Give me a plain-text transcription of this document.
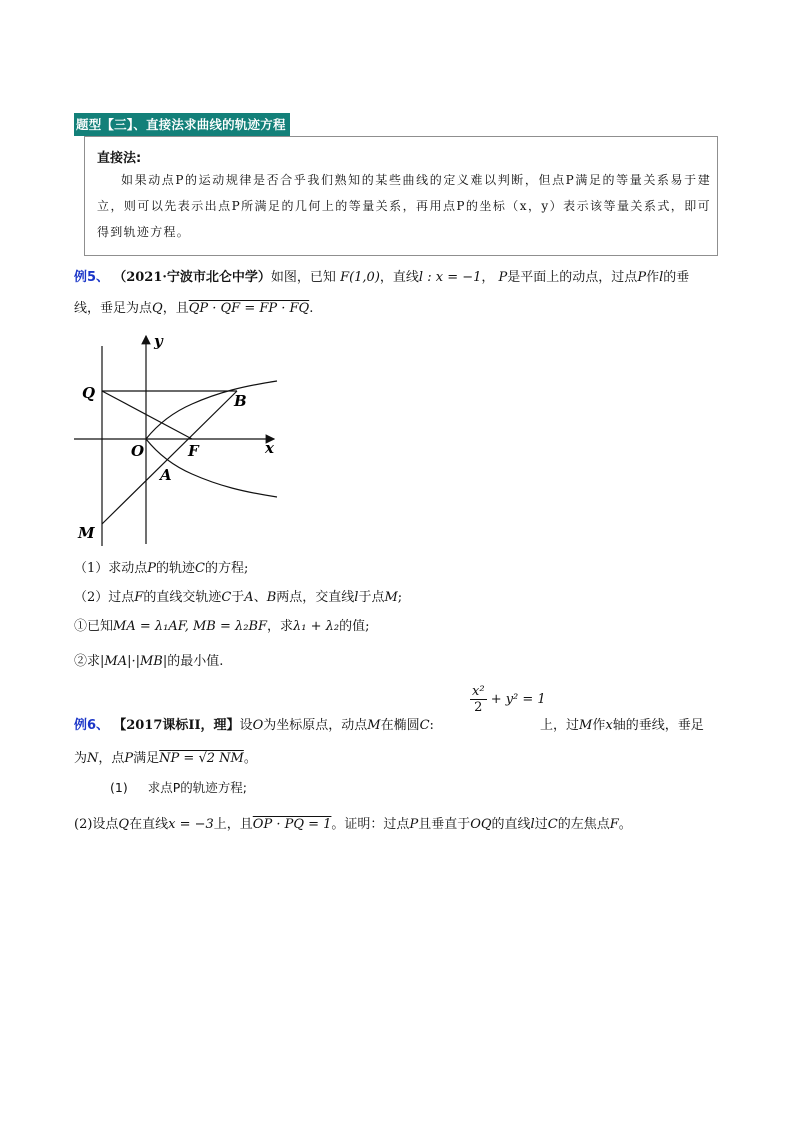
题型【三】、直接法求曲线的轨迹方程
直接法:
如果动点P的运动规律是否合乎我们熟知的某些曲线的定义难以判断，但点P满足的等量关系易于建立，则可以先表示出点P所满足的几何上的等量关系，再用点P的坐标（x，y）表示该等量关系式，即可得到轨迹方程。
例5、 （2021·宁波市北仑中学）如图，已知 F(1,0)，直线l : x = −1， P是平面上的动点，过点P作l的垂
线，垂足为点Q，且QP · QF = FP · FQ.
y
x
Q	B
O	F
A
M
（1）求动点P的轨迹C的方程;
（2）过点F的直线交轨迹C于A、B两点，交直线l于点M;
①已知MA = λ₁AF, MB = λ₂BF，求λ₁ + λ₂的值;
②求|MA|·|MB|的最小值.
例6、 【2017课标II，理】设O为坐标原点，动点M在椭圆C:
$\frac{\text{x²}}{2} + y^2 = 1$
上，过M作x轴的垂线，垂足
为N，点P满足NP = √2 NM。
(1) 求点P的轨迹方程;
(2)设点Q在直线x = −3上，且OP · PQ = 1。证明：过点P且垂直于OQ的直线l过C的左焦点F。
